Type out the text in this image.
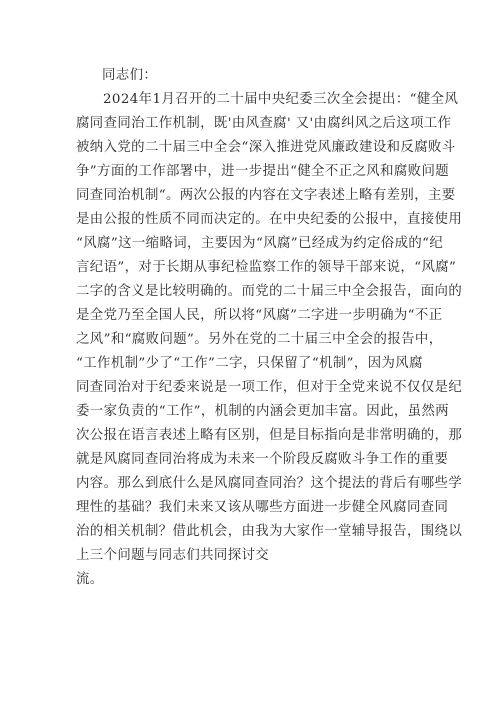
同志们：
2024年1月召开的二十届中央纪委三次全会提出：“健全风
腐同查同治工作机制，既'由风查腐' 又'由腐纠风之后这项工作
被纳入党的二十届三中全会“深入推进党风廉政建设和反腐败斗
争”方面的工作部署中，进一步提出“健全不正之风和腐败问题
同查同治机制“。两次公报的内容在文字表述上略有差别，主要
是由公报的性质不同而决定的。在中央纪委的公报中，直接使用
“风腐”这一缩略词，主要因为“风腐”已经成为约定俗成的“纪
言纪语”，对于长期从事纪检监察工作的领导干部来说，“风腐”
二字的含义是比较明确的。而党的二十届三中全会报告，面向的
是全党乃至全国人民，所以将“风腐”二字进一步明确为“不正
之风”和“腐败问题”。另外在党的二十届三中全会的报告中，
“工作机制”少了“工作”二字，只保留了“机制”，因为风腐
同查同治对于纪委来说是一项工作，但对于全党来说不仅仅是纪
委一家负责的“工作”，机制的内涵会更加丰富。因此，虽然两
次公报在语言表述上略有区别，但是目标指向是非常明确的，那
就是风腐同查同治将成为未来一个阶段反腐败斗争工作的重要
内容。那么到底什么是风腐同查同治？这个提法的背后有哪些学
理性的基础？我们未来又该从哪些方面进一步健全风腐同查同
治的相关机制？借此机会，由我为大家作一堂辅导报告，围绕以
上三个问题与同志们共同探讨交
流。
